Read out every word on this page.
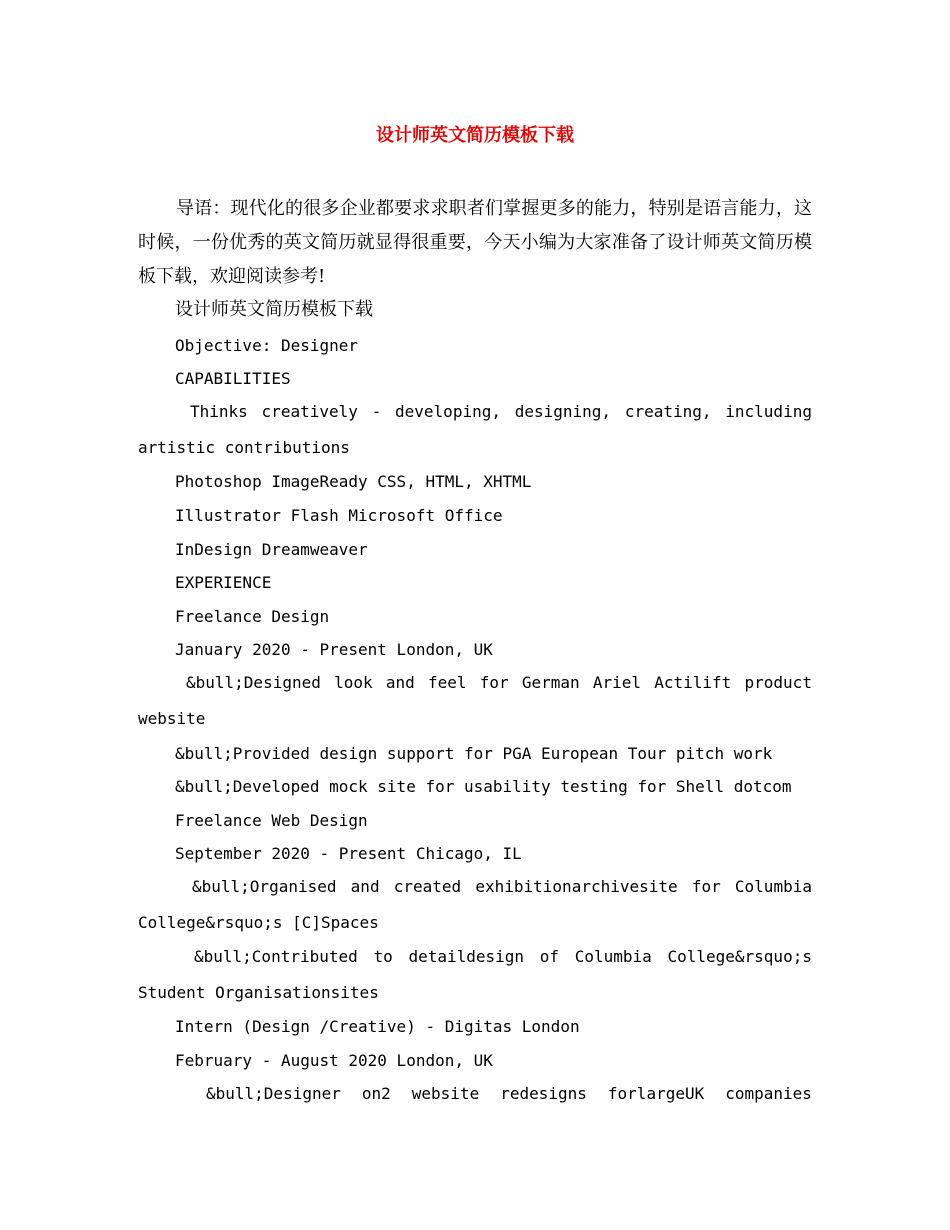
设计师英文简历模板下载

导语：现代化的很多企业都要求求职者们掌握更多的能力，特别是语言能力，这时候，一份优秀的英文简历就显得很重要，今天小编为大家准备了设计师英文简历模板下载，欢迎阅读参考!

设计师英文简历模板下载
Objective: Designer
CAPABILITIES
Thinks creatively - developing, designing, creating, including
artistic contributions
Photoshop ImageReady CSS, HTML, XHTML
Illustrator Flash Microsoft Office
InDesign Dreamweaver
EXPERIENCE
Freelance Design
January 2020 - Present London, UK
&bull;Designed look and feel for German Ariel Actilift product
website
&bull;Provided design support for PGA European Tour pitch work
&bull;Developed mock site for usability testing for Shell dotcom
Freelance Web Design
September 2020 - Present Chicago, IL
&bull;Organised and created exhibitionarchivesite for Columbia
College&rsquo;s [C]Spaces
&bull;Contributed to detaildesign of Columbia College&rsquo;s
Student Organisationsites
Intern (Design /Creative) - Digitas London
February - August 2020 London, UK
&bull;Designer on2 website redesigns forlargeUK companies
